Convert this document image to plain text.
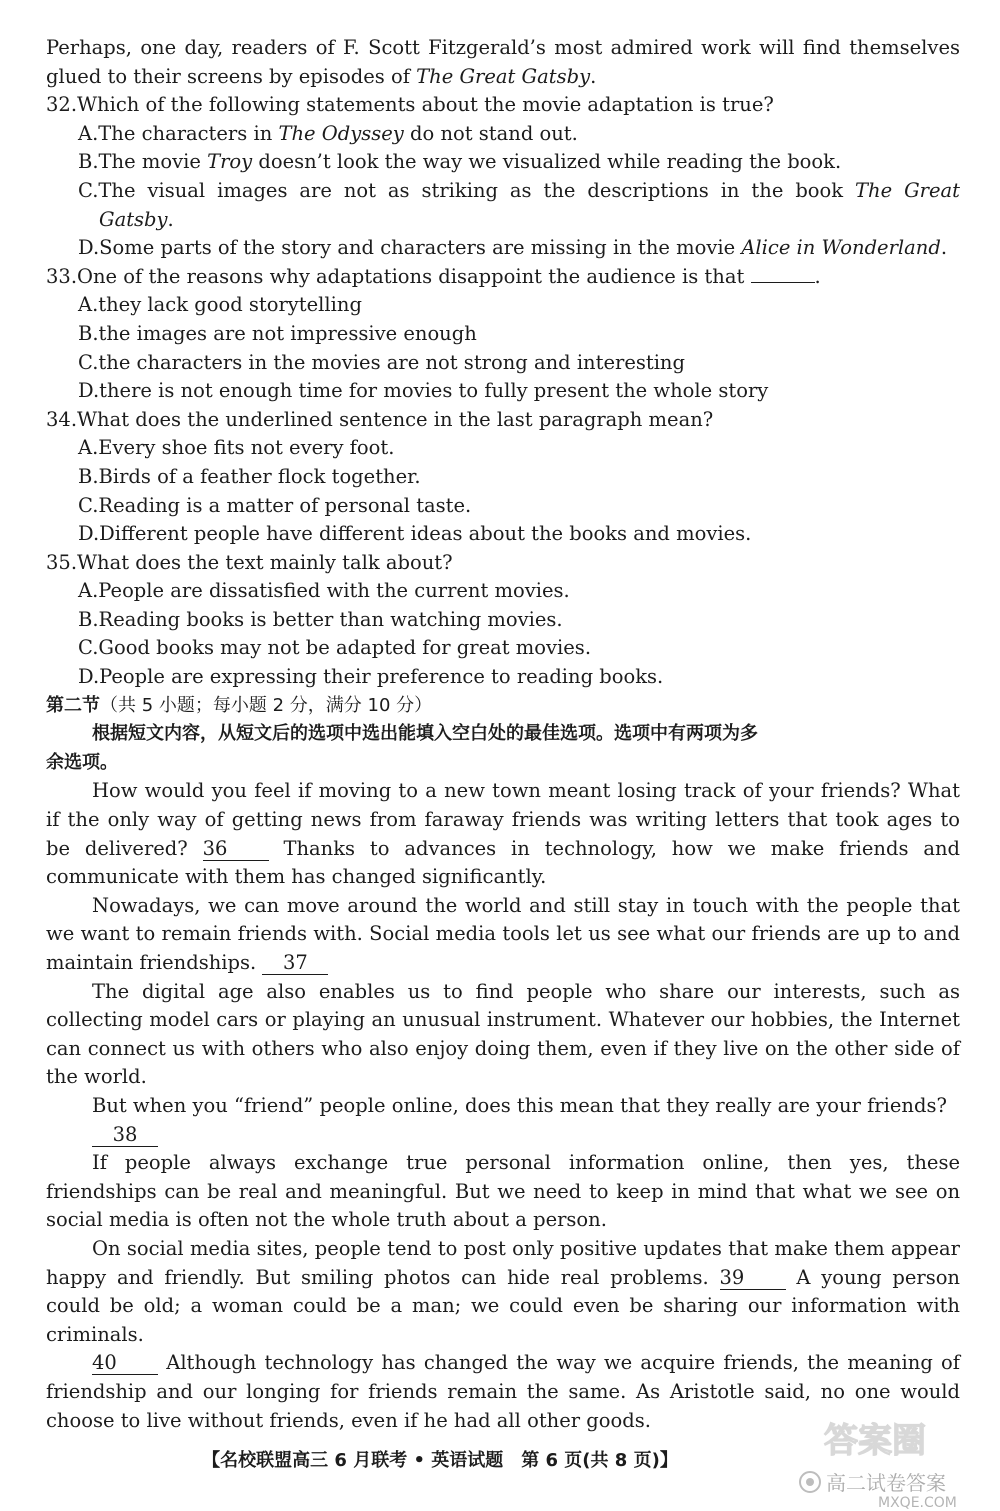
Perhaps, one day, readers of F. Scott Fitzgerald’s most admired work will find themselves
glued to their screens by episodes of The Great Gatsby.
32.Which of the following statements about the movie adaptation is true?
A.The characters in The Odyssey do not stand out.
B.The movie Troy doesn’t look the way we visualized while reading the book.
C.The visual images are not as striking as the descriptions in the book The Great
Gatsby.
D.Some parts of the story and characters are missing in the movie Alice in Wonderland.
33.One of the reasons why adaptations disappoint the audience is that	.
A.they lack good storytelling
B.the images are not impressive enough
C.the characters in the movies are not strong and interesting
D.there is not enough time for movies to fully present the whole story
34.What does the underlined sentence in the last paragraph mean?
A.Every shoe fits not every foot.
B.Birds of a feather flock together.
C.Reading is a matter of personal taste.
D.Different people have different ideas about the books and movies.
35.What does the text mainly talk about?
A.People are dissatisfied with the current movies.
B.Reading books is better than watching movies.
C.Good books may not be adapted for great movies.
D.People are expressing their preference to reading books.
第二节（共 5 小题；每小题 2 分，满分 10 分）
根据短文内容，从短文后的选项中选出能填入空白处的最佳选项。选项中有两项为多
余选项。
How would you feel if moving to a new town meant losing track of your friends? What
if the only way of getting news from faraway friends was writing letters that took ages to
be delivered? 36 Thanks to advances in technology, how we make friends and
communicate with them has changed significantly.
Nowadays, we can move around the world and still stay in touch with the people that
we want to remain friends with. Social media tools let us see what our friends are up to and
maintain friendships. 37
The digital age also enables us to find people who share our interests, such as
collecting model cars or playing an unusual instrument. Whatever our hobbies, the Internet
can connect us with others who also enjoy doing them, even if they live on the other side of
the world.
But when you “friend” people online, does this mean that they really are your friends?
38
If people always exchange true personal information online, then yes, these
friendships can be real and meaningful. But we need to keep in mind that what we see on
social media is often not the whole truth about a person.
On social media sites, people tend to post only positive updates that make them appear
happy and friendly. But smiling photos can hide real problems. 39 A young person
could be old; a woman could be a man; we could even be sharing our information with
criminals.
40 Although technology has changed the way we acquire friends, the meaning of
friendship and our longing for friends remain the same. As Aristotle said, no one would
choose to live without friends, even if he had all other goods.
【名校联盟高三 6 月联考 • 英语试题　第 6 页(共 8 页)】	答案圈
高二试卷答案
MXQE.COM
